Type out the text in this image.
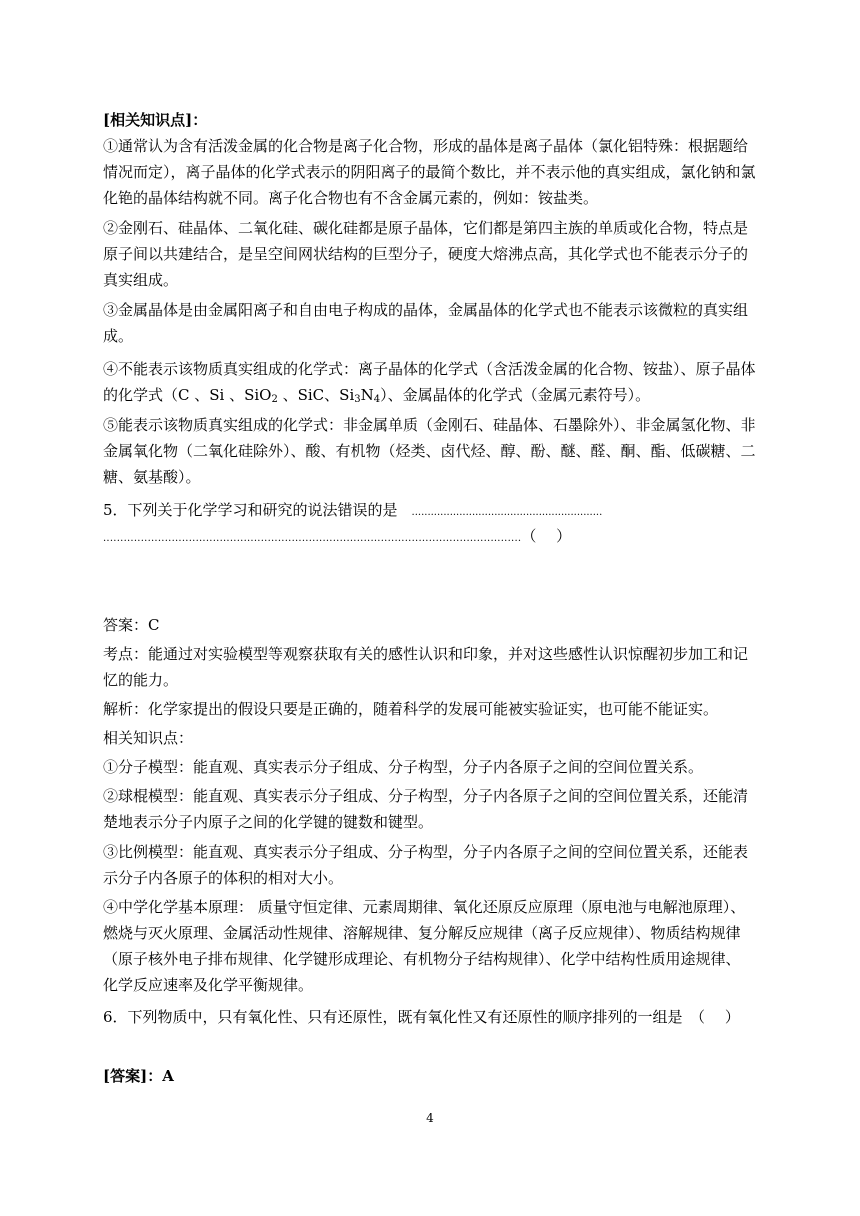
[相关知识点]：
①通常认为含有活泼金属的化合物是离子化合物，形成的晶体是离子晶体（氯化铝特殊：根据题给
情况而定），离子晶体的化学式表示的阴阳离子的最简个数比，并不表示他的真实组成，氯化钠和氯
化铯的晶体结构就不同。离子化合物也有不含金属元素的，例如：铵盐类。
②金刚石、硅晶体、二氧化硅、碳化硅都是原子晶体，它们都是第四主族的单质或化合物，特点是
原子间以共建结合，是呈空间网状结构的巨型分子，硬度大熔沸点高，其化学式也不能表示分子的
真实组成。
③金属晶体是由金属阳离子和自由电子构成的晶体，金属晶体的化学式也不能表示该微粒的真实组
成。
④不能表示该物质真实组成的化学式：离子晶体的化学式（含活泼金属的化合物、铵盐）、原子晶体
的化学式（C 、Si 、SiO$_2$ 、SiC、$Si_3N_4$）、金属晶体的化学式（金属元素符号）。
⑤能表示该物质真实组成的化学式：非金属单质（金刚石、硅晶体、石墨除外）、非金属氢化物、非
金属氧化物（二氧化硅除外）、酸、有机物（烃类、卤代烃、醇、酚、醚、醛、酮、酯、低碳糖、二
糖、氨基酸）。
5．下列关于化学学习和研究的说法错误的是 ............................................................
..........................................................................................................................（　 ）
答案：C
考点：能通过对实验模型等观察获取有关的感性认识和印象，并对这些感性认识惊醒初步加工和记
忆的能力。
解析：化学家提出的假设只要是正确的，随着科学的发展可能被实验证实，也可能不能证实。
相关知识点：
①分子模型：能直观、真实表示分子组成、分子构型，分子内各原子之间的空间位置关系。
②球棍模型：能直观、真实表示分子组成、分子构型，分子内各原子之间的空间位置关系，还能清
楚地表示分子内原子之间的化学键的键数和键型。
③比例模型：能直观、真实表示分子组成、分子构型，分子内各原子之间的空间位置关系，还能表
示分子内各原子的体积的相对大小。
④中学化学基本原理： 质量守恒定律、元素周期律、氧化还原反应原理（原电池与电解池原理）、
燃烧与灭火原理、金属活动性规律、溶解规律、复分解反应规律（离子反应规律）、物质结构规律
（原子核外电子排布规律、化学键形成理论、有机物分子结构规律）、化学中结构性质用途规律、
化学反应速率及化学平衡规律。
6．下列物质中，只有氧化性、只有还原性，既有氧化性又有还原性的顺序排列的一组是　（　 ）
[答案]：A
4
